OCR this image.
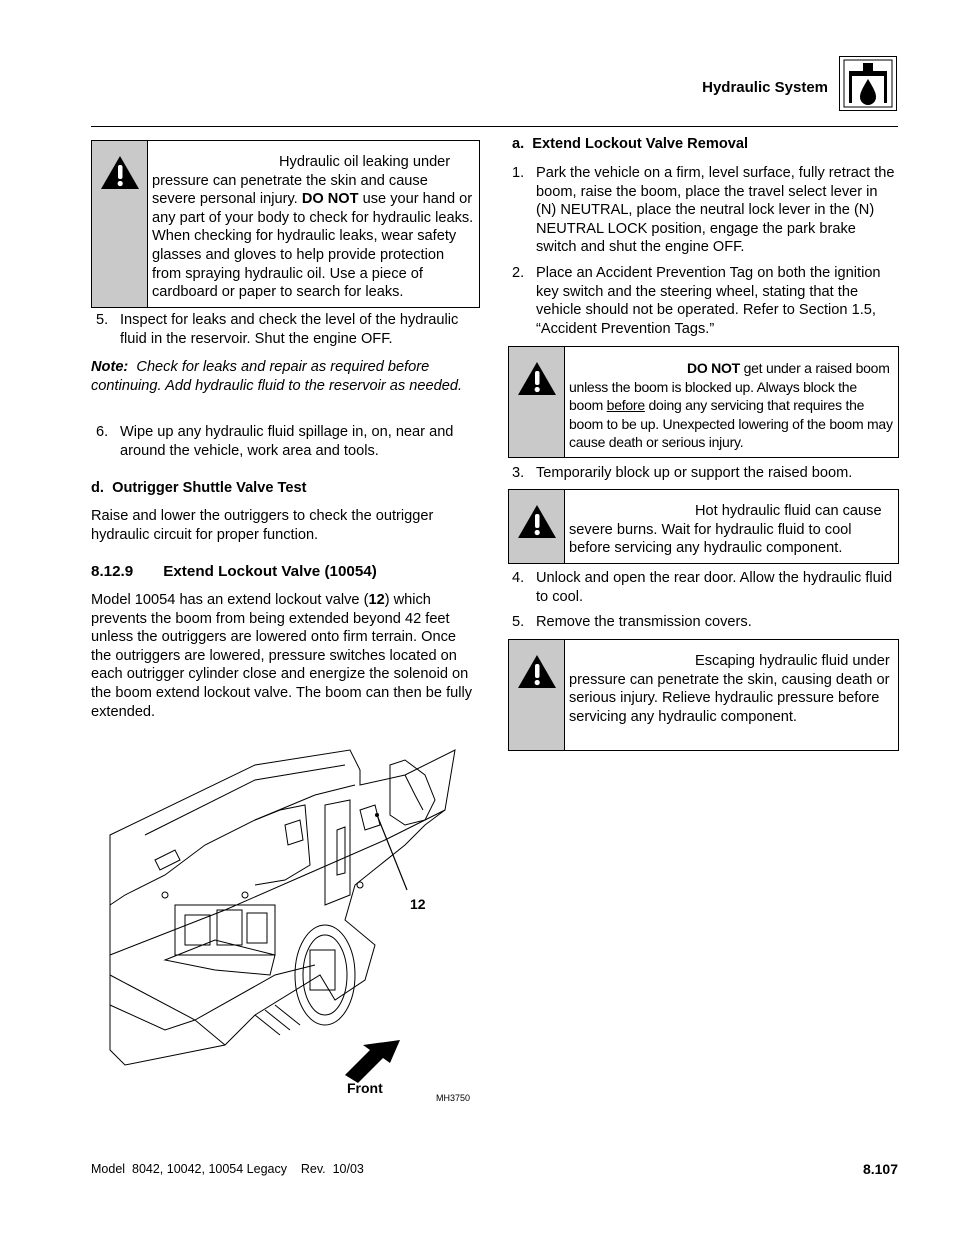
Hydraulic System
Hydraulic oil leaking under pressure can penetrate the skin and cause severe personal injury. DO NOT use your hand or any part of your body to check for hydraulic leaks. When checking for hydraulic leaks, wear safety glasses and gloves to help provide protection from spraying hydraulic oil. Use a piece of cardboard or paper to search for leaks.
5. Inspect for leaks and check the level of the hydraulic fluid in the reservoir. Shut the engine OFF.
Note: Check for leaks and repair as required before continuing. Add hydraulic fluid to the reservoir as needed.
6. Wipe up any hydraulic fluid spillage in, on, near and around the vehicle, work area and tools.
d. Outrigger Shuttle Valve Test
Raise and lower the outriggers to check the outrigger hydraulic circuit for proper function.
8.12.9 Extend Lockout Valve (10054)
Model 10054 has an extend lockout valve (12) which prevents the boom from being extended beyond 42 feet unless the outriggers are lowered onto firm terrain. Once the outriggers are lowered, pressure switches located on each outrigger cylinder close and energize the solenoid on the boom extend lockout valve. The boom can then be fully extended.
12
Front
MH3750
a. Extend Lockout Valve Removal
1. Park the vehicle on a firm, level surface, fully retract the boom, raise the boom, place the travel select lever in (N) NEUTRAL, place the neutral lock lever in the (N) NEUTRAL LOCK position, engage the park brake switch and shut the engine OFF.
2. Place an Accident Prevention Tag on both the ignition key switch and the steering wheel, stating that the vehicle should not be operated. Refer to Section 1.5, “Accident Prevention Tags.”
DO NOT get under a raised boom unless the boom is blocked up. Always block the boom before doing any servicing that requires the boom to be up. Unexpected lowering of the boom may cause death or serious injury.
3. Temporarily block up or support the raised boom.
Hot hydraulic fluid can cause severe burns. Wait for hydraulic fluid to cool before servicing any hydraulic component.
4. Unlock and open the rear door. Allow the hydraulic fluid to cool.
5. Remove the transmission covers.
Escaping hydraulic fluid under pressure can penetrate the skin, causing death or serious injury. Relieve hydraulic pressure before servicing any hydraulic component.
Model  8042, 10042, 10054 Legacy    Rev.  10/03	8.107
